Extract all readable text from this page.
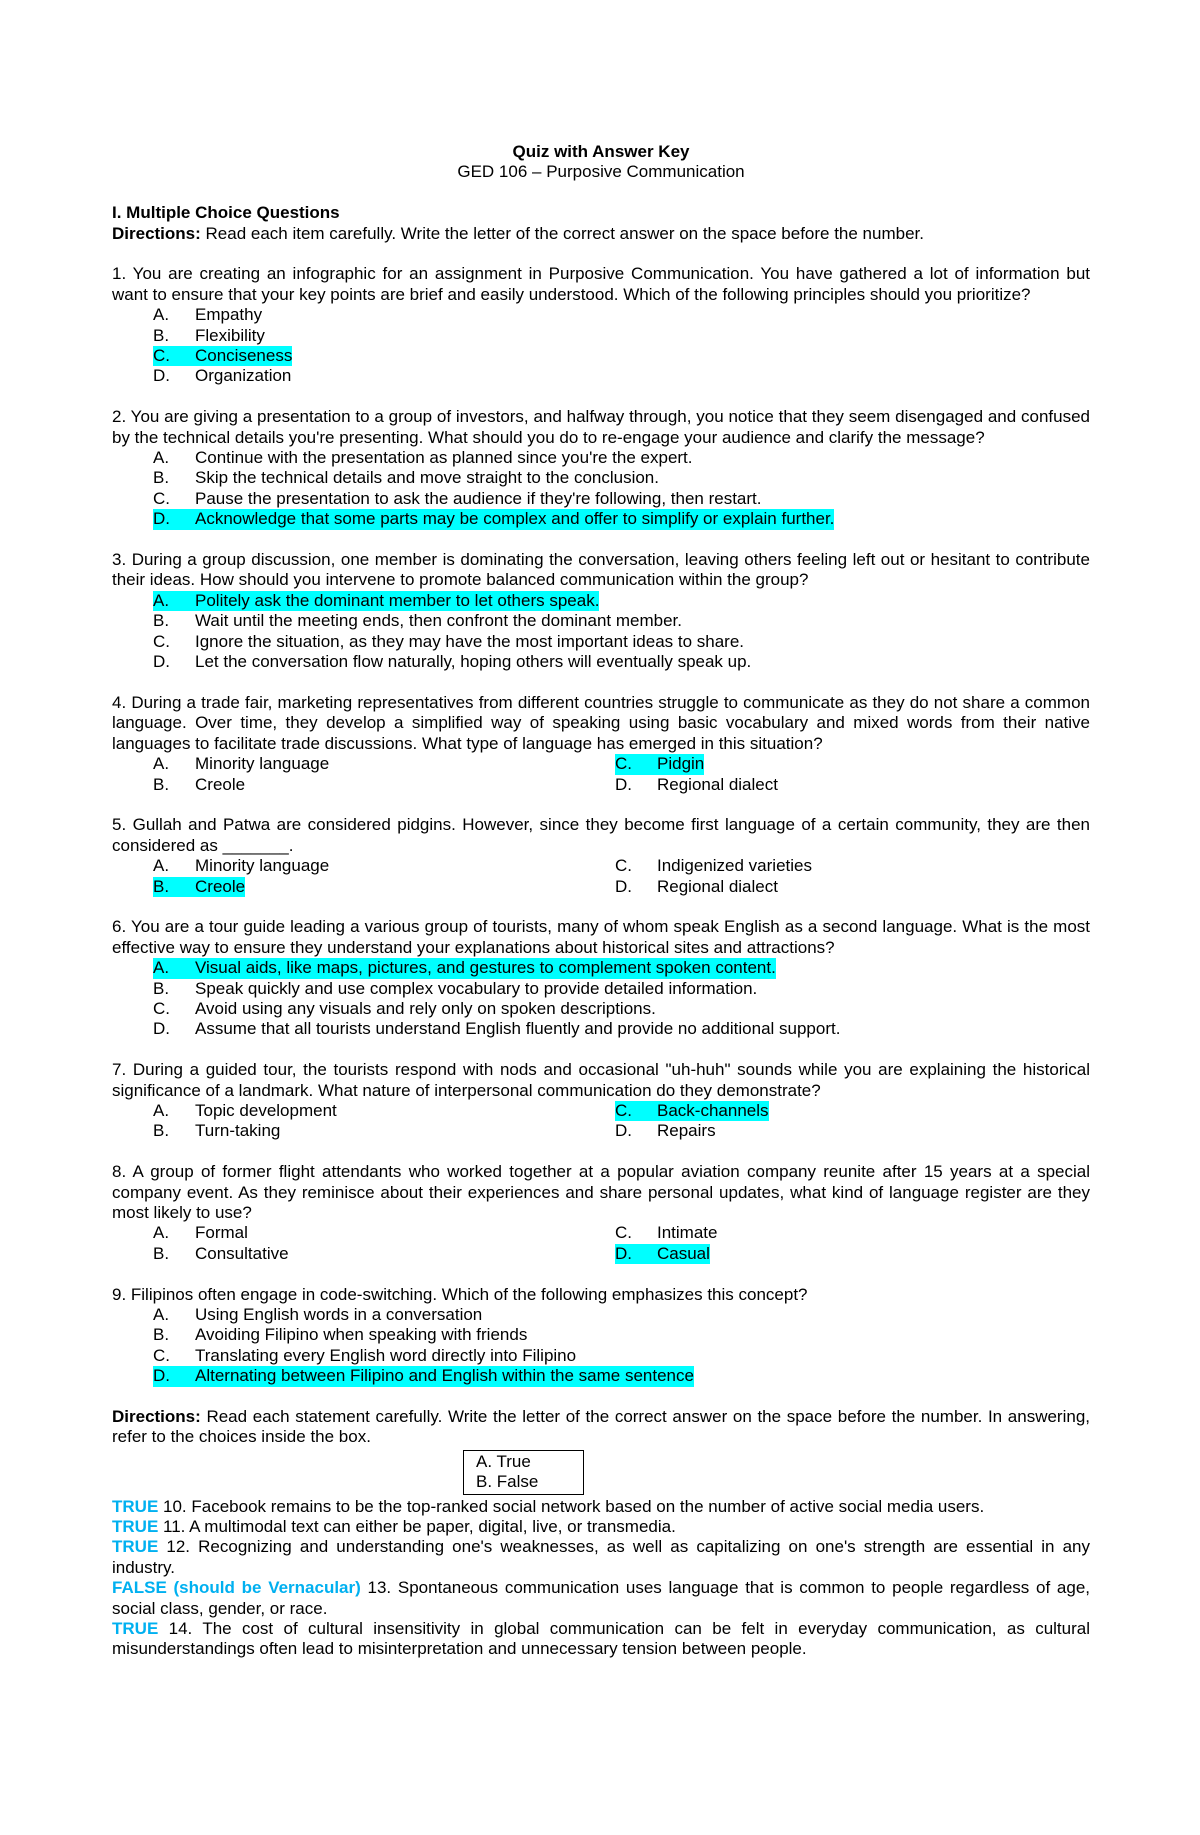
Quiz with Answer Key
GED 106 – Purposive Communication
I. Multiple Choice Questions
Directions: Read each item carefully. Write the letter of the correct answer on the space before the number.
1. You are creating an infographic for an assignment in Purposive Communication. You have gathered a lot of information but want to ensure that your key points are brief and easily understood. Which of the following principles should you prioritize?
A.	Empathy
B.	Flexibility
C.	Conciseness
D.	Organization
2. You are giving a presentation to a group of investors, and halfway through, you notice that they seem disengaged and confused by the technical details you're presenting. What should you do to re-engage your audience and clarify the message?
A.	Continue with the presentation as planned since you're the expert.
B.	Skip the technical details and move straight to the conclusion.
C.	Pause the presentation to ask the audience if they're following, then restart.
D.	Acknowledge that some parts may be complex and offer to simplify or explain further.
3. During a group discussion, one member is dominating the conversation, leaving others feeling left out or hesitant to contribute their ideas. How should you intervene to promote balanced communication within the group?
A.	Politely ask the dominant member to let others speak.
B.	Wait until the meeting ends, then confront the dominant member.
C.	Ignore the situation, as they may have the most important ideas to share.
D.	Let the conversation flow naturally, hoping others will eventually speak up.
4. During a trade fair, marketing representatives from different countries struggle to communicate as they do not share a common language. Over time, they develop a simplified way of speaking using basic vocabulary and mixed words from their native languages to facilitate trade discussions. What type of language has emerged in this situation?
A.	Minority language	C.	Pidgin
B.	Creole	D.	Regional dialect
5. Gullah and Patwa are considered pidgins. However, since they become first language of a certain community, they are then considered as _______.
A.	Minority language	C.	Indigenized varieties
B.	Creole	D.	Regional dialect
6. You are a tour guide leading a various group of tourists, many of whom speak English as a second language. What is the most effective way to ensure they understand your explanations about historical sites and attractions?
A.	Visual aids, like maps, pictures, and gestures to complement spoken content.
B.	Speak quickly and use complex vocabulary to provide detailed information.
C.	Avoid using any visuals and rely only on spoken descriptions.
D.	Assume that all tourists understand English fluently and provide no additional support.
7. During a guided tour, the tourists respond with nods and occasional "uh-huh" sounds while you are explaining the historical significance of a landmark. What nature of interpersonal communication do they demonstrate?
A.	Topic development	C.	Back-channels
B.	Turn-taking	D.	Repairs
8. A group of former flight attendants who worked together at a popular aviation company reunite after 15 years at a special company event. As they reminisce about their experiences and share personal updates, what kind of language register are they most likely to use?
A.	Formal	C.	Intimate
B.	Consultative	D.	Casual
9. Filipinos often engage in code-switching. Which of the following emphasizes this concept?
A.	Using English words in a conversation
B.	Avoiding Filipino when speaking with friends
C.	Translating every English word directly into Filipino
D.	Alternating between Filipino and English within the same sentence
Directions: Read each statement carefully. Write the letter of the correct answer on the space before the number. In answering, refer to the choices inside the box.
A. True
B. False
TRUE 10. Facebook remains to be the top-ranked social network based on the number of active social media users.
TRUE 11. A multimodal text can either be paper, digital, live, or transmedia.
TRUE 12. Recognizing and understanding one's weaknesses, as well as capitalizing on one's strength are essential in any industry.
FALSE (should be Vernacular) 13. Spontaneous communication uses language that is common to people regardless of age, social class, gender, or race.
TRUE 14. The cost of cultural insensitivity in global communication can be felt in everyday communication, as cultural misunderstandings often lead to misinterpretation and unnecessary tension between people.
